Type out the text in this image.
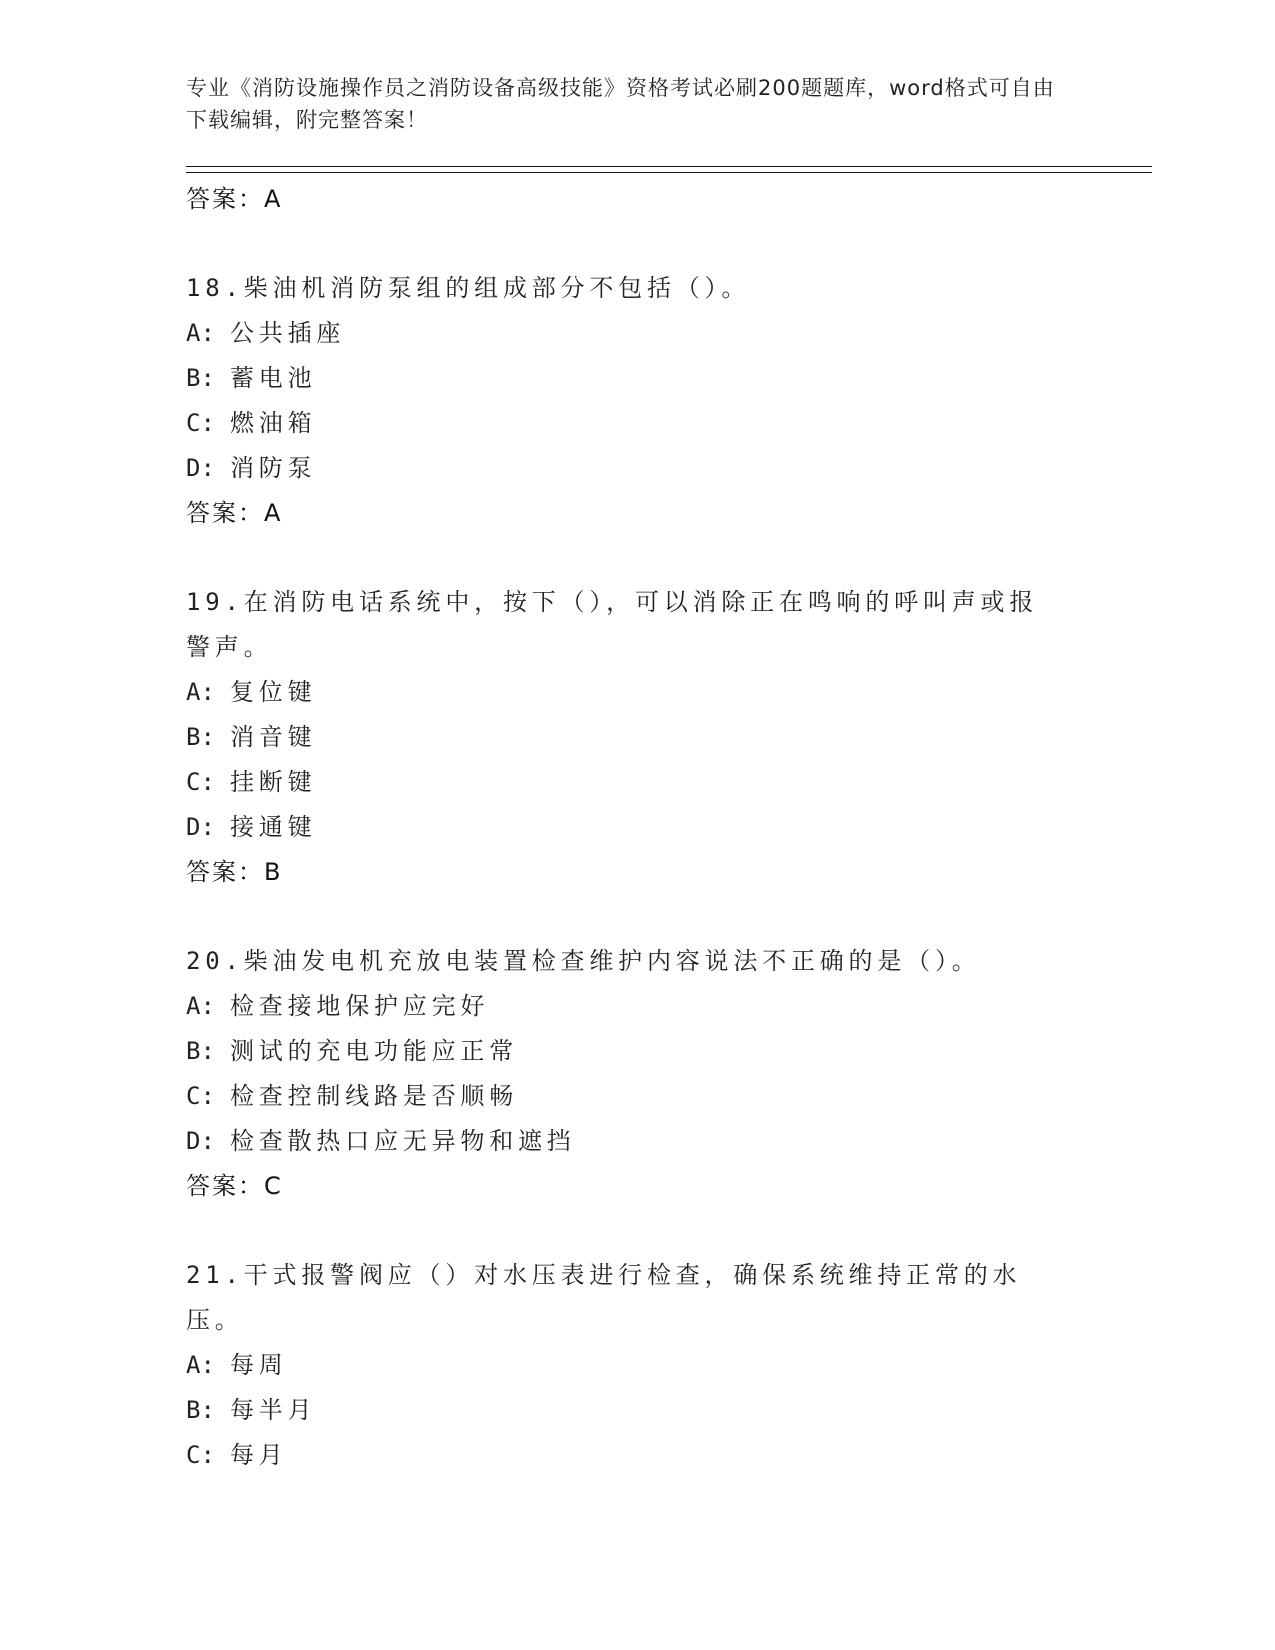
专业《消防设施操作员之消防设备高级技能》资格考试必刷200题题库，word格式可自由下载编辑，附完整答案！
答案：A
18.柴油机消防泵组的组成部分不包括（）。
A: 公共插座
B: 蓄电池
C: 燃油箱
D: 消防泵
答案：A
19.在消防电话系统中，按下（），可以消除正在鸣响的呼叫声或报警声。
A: 复位键
B: 消音键
C: 挂断键
D: 接通键
答案：B
20.柴油发电机充放电装置检查维护内容说法不正确的是（）。
A: 检查接地保护应完好
B: 测试的充电功能应正常
C: 检查控制线路是否顺畅
D: 检查散热口应无异物和遮挡
答案：C
21.干式报警阀应（）对水压表进行检查，确保系统维持正常的水压。
A: 每周
B: 每半月
C: 每月
